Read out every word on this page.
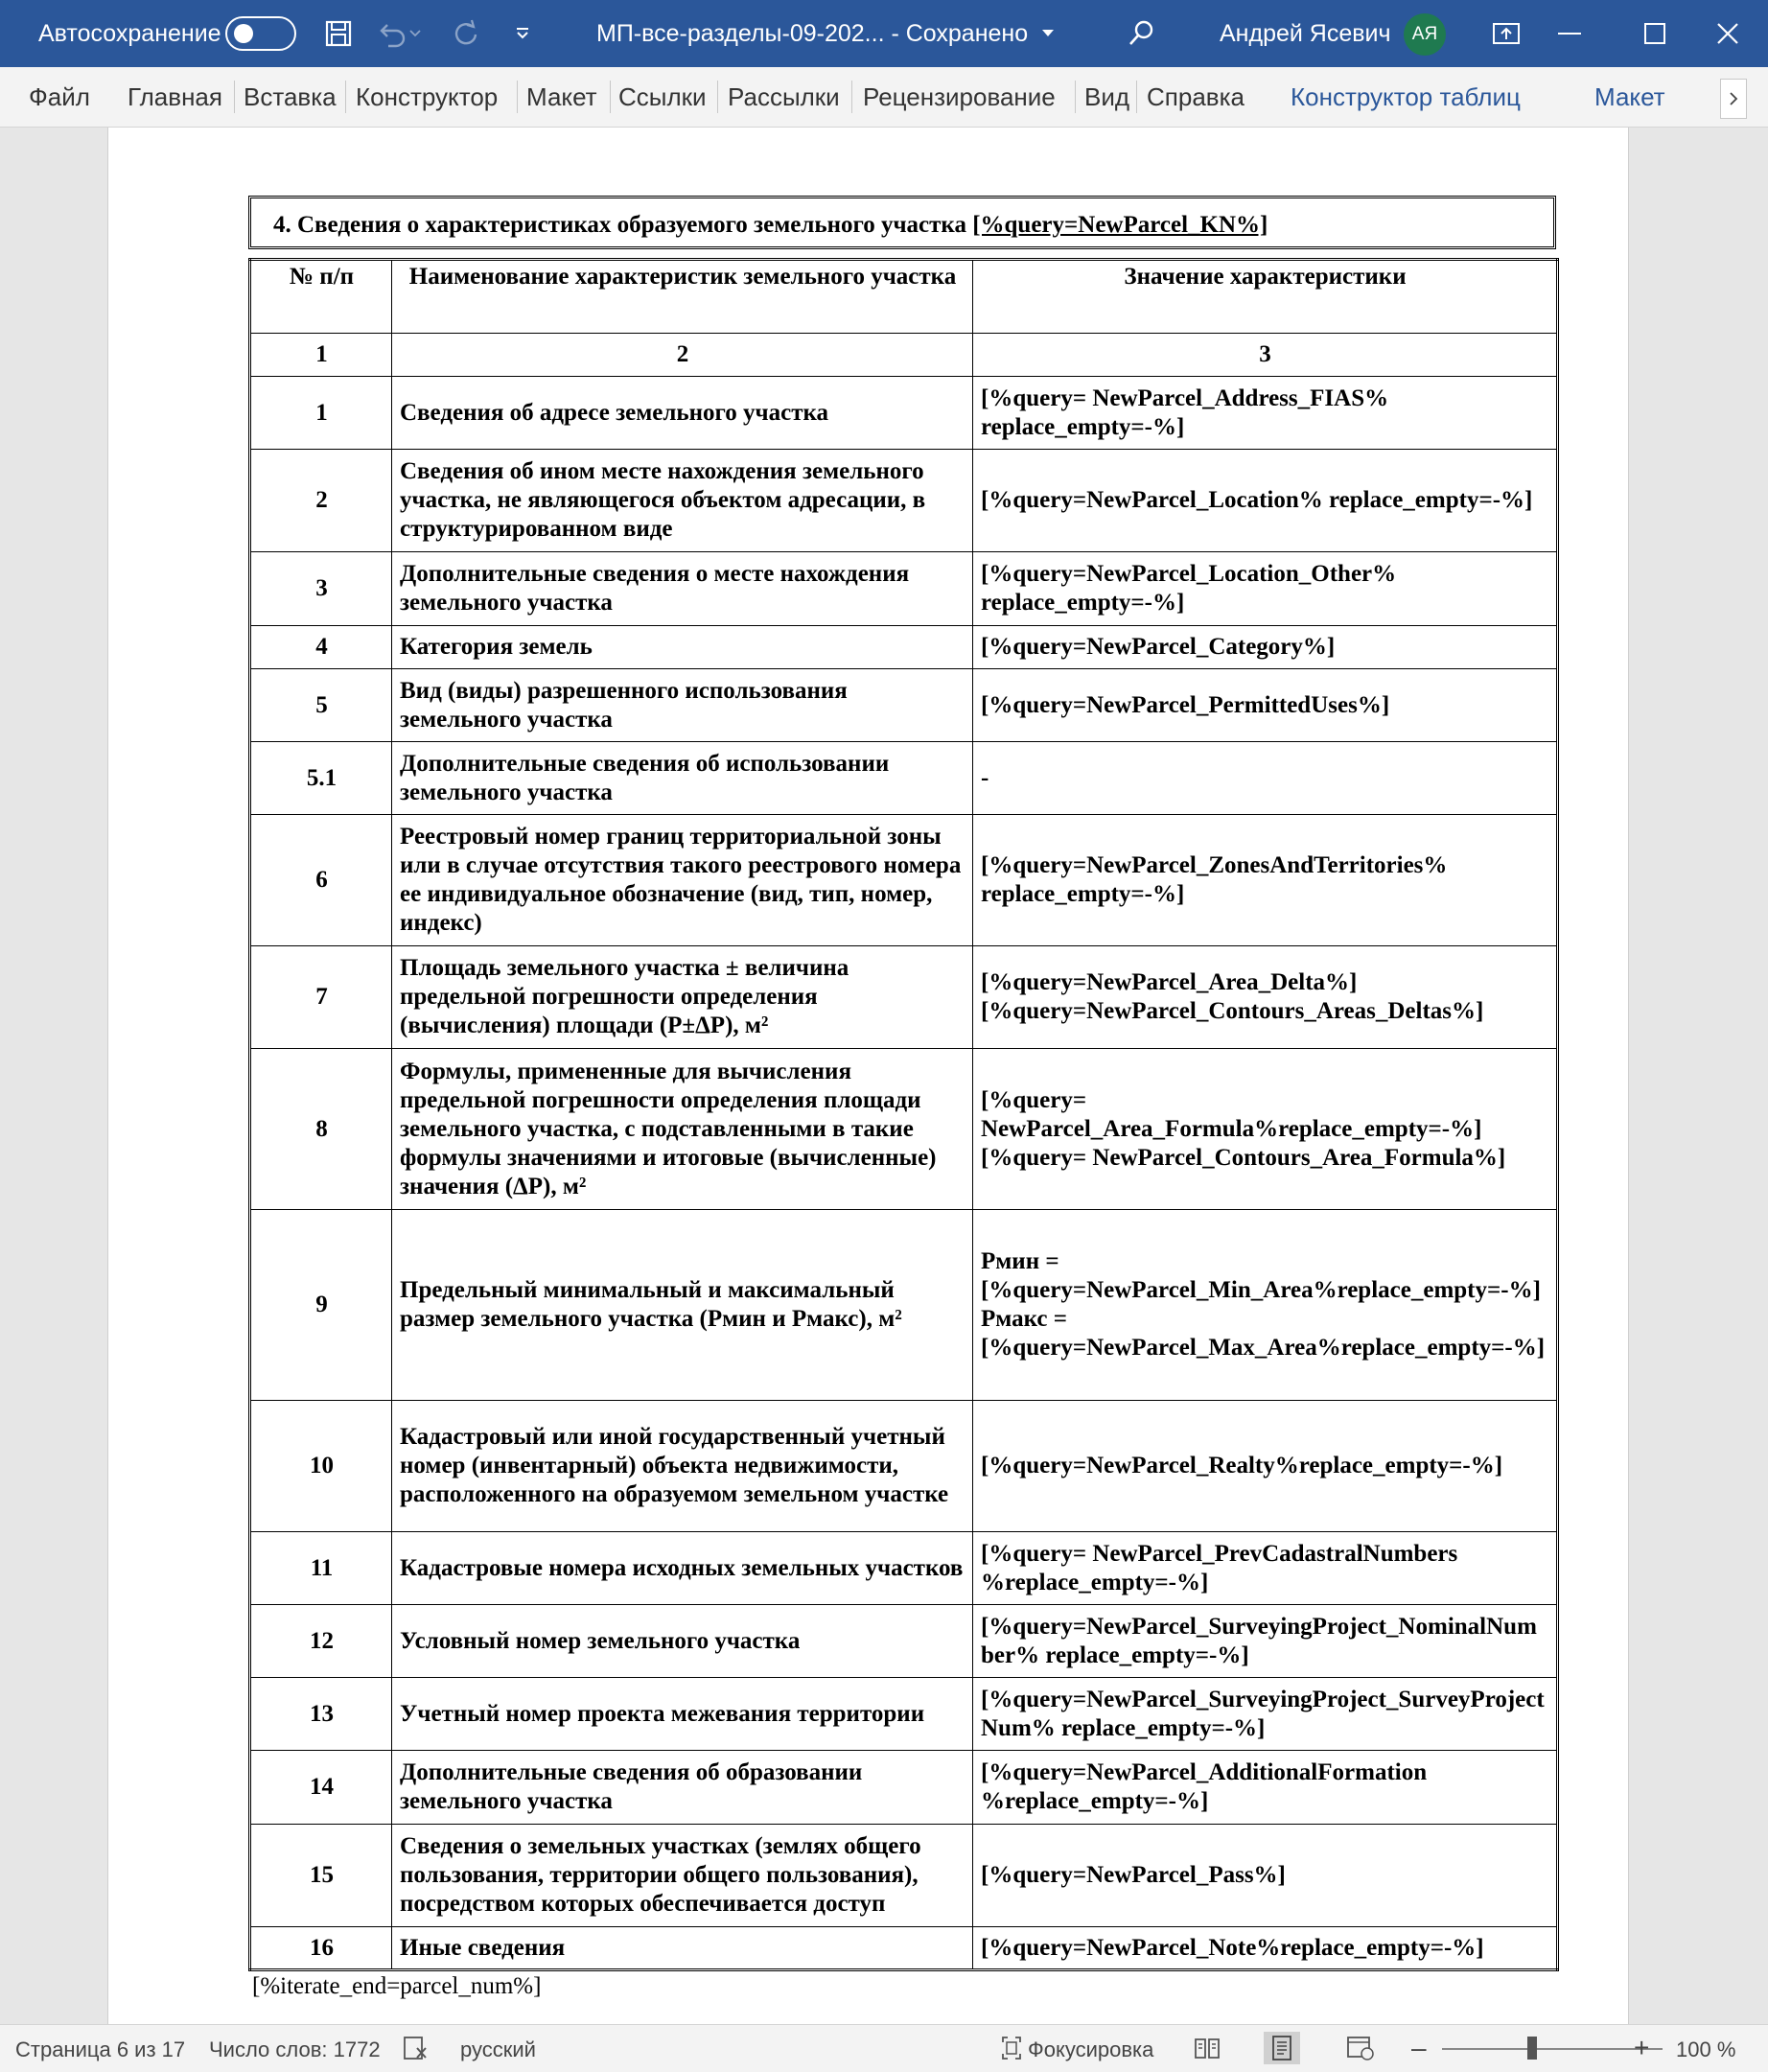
Автосохранение	МП-все-разделы-09-202... - Сохранено	Андрей Ясевич	АЯ
Файл Главная Вставка Конструктор Макет Ссылки Рассылки Рецензирование Вид Справка Конструктор таблиц	Макет
4. Сведения о характеристиках образуемого земельного участка [%query=NewParcel_KN%]
№ п/п	Наименование характеристик земельного участка	Значение характеристики
1	2	3
1	Сведения об адресе земельного участка	[%query= NewParcel_Address_FIAS% replace_empty=-%]
2	Сведения об ином месте нахождения земельного участка, не являющегося объектом адресации, в структурированном виде	[%query=NewParcel_Location% replace_empty=-%]
3	Дополнительные сведения о месте нахождения земельного участка	[%query=NewParcel_Location_Other% replace_empty=-%]
4	Категория земель	[%query=NewParcel_Category%]
5	Вид (виды) разрешенного использования земельного участка	[%query=NewParcel_PermittedUses%]
5.1	Дополнительные сведения об использовании земельного участка	-
6	Реестровый номер границ территориальной зоны или в случае отсутствия такого реестрового номера ее индивидуальное обозначение (вид, тип, номер, индекс)	[%query=NewParcel_ZonesAndTerritories% replace_empty=-%]
7	Площадь земельного участка ± величина предельной погрешности определения (вычисления) площади (Р±ΔР), м²	[%query=NewParcel_Area_Delta%] [%query=NewParcel_Contours_Areas_Deltas%]
8	Формулы, примененные для вычисления предельной погрешности определения площади земельного участка, с подставленными в такие формулы значениями и итоговые (вычисленные) значения (ΔР), м²	[%query= NewParcel_Area_Formula%replace_empty=-%] [%query= NewParcel_Contours_Area_Formula%]
9	Предельный минимальный и максимальный размер земельного участка (Рмин и Рмакс), м²	Рмин = [%query=NewParcel_Min_Area%replace_empty=-%] Рмакс = [%query=NewParcel_Max_Area%replace_empty=-%]
10	Кадастровый или иной государственный учетный номер (инвентарный) объекта недвижимости, расположенного на образуемом земельном участке	[%query=NewParcel_Realty%replace_empty=-%]
11	Кадастровые номера исходных земельных участков	[%query= NewParcel_PrevCadastralNumbers %replace_empty=-%]
12	Условный номер земельного участка	[%query=NewParcel_SurveyingProject_NominalNumber% replace_empty=-%]
13	Учетный номер проекта межевания территории	[%query=NewParcel_SurveyingProject_SurveyProjectNum% replace_empty=-%]
14	Дополнительные сведения об образовании земельного участка	[%query=NewParcel_AdditionalFormation %replace_empty=-%]
15	Сведения о земельных участках (землях общего пользования, территории общего пользования), посредством которых обеспечивается доступ	[%query=NewParcel_Pass%]
16	Иные сведения	[%query=NewParcel_Note%replace_empty=-%]
[%iterate_end=parcel_num%]
Страница 6 из 17 Число слов: 1772	русский	Фокусировка	–	+ 100 %
